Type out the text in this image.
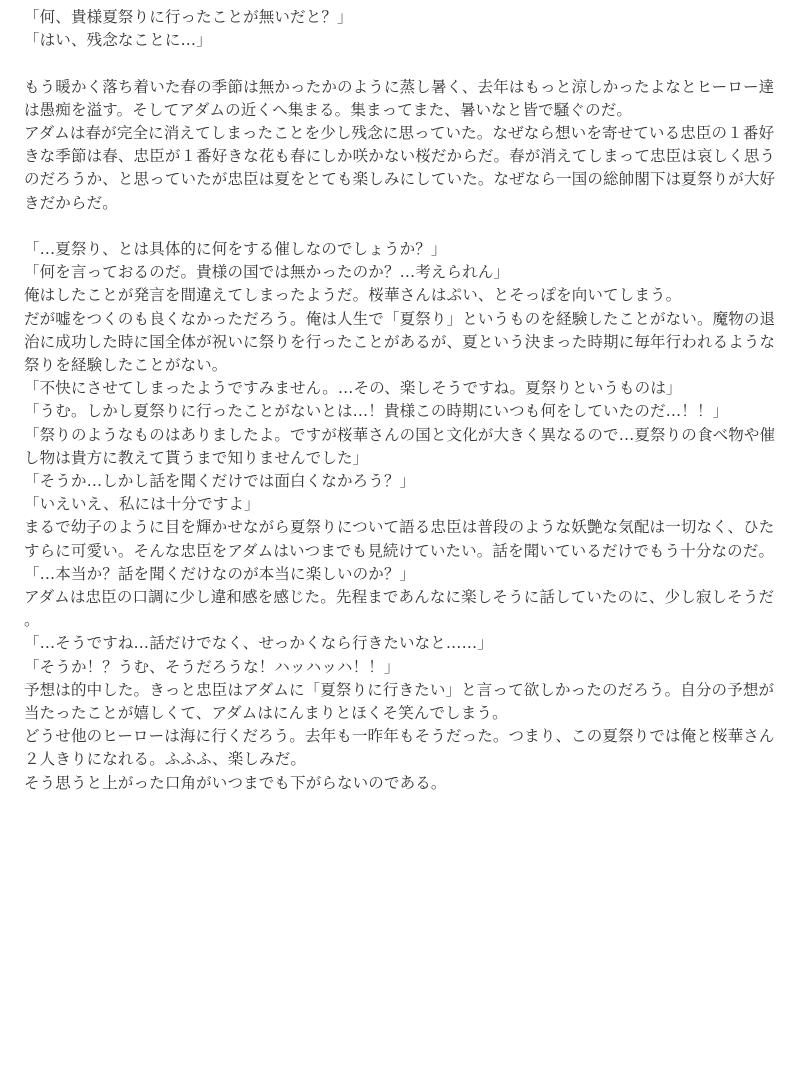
「何、貴様夏祭りに行ったことが無いだと？」

「はい、残念なことに…」

もう暖かく落ち着いた春の季節は無かったかのように蒸し暑く、去年はもっと涼しかったよなとヒーロー達は愚痴を溢す。そしてアダムの近くへ集まる。集まってまた、暑いなと皆で騒ぐのだ。

アダムは春が完全に消えてしまったことを少し残念に思っていた。なぜなら想いを寄せている忠臣の１番好きな季節は春、忠臣が１番好きな花も春にしか咲かない桜だからだ。春が消えてしまって忠臣は哀しく思うのだろうか、と思っていたが忠臣は夏をとても楽しみにしていた。なぜなら一国の総帥閣下は夏祭りが大好きだからだ。

「…夏祭り、とは具体的に何をする催しなのでしょうか？」

「何を言っておるのだ。貴様の国では無かったのか？…考えられん」

俺はしたことが発言を間違えてしまったようだ。桜華さんはぷい、とそっぽを向いてしまう。

だが嘘をつくのも良くなかっただろう。俺は人生で「夏祭り」というものを経験したことがない。魔物の退治に成功した時に国全体が祝いに祭りを行ったことがあるが、夏という決まった時期に毎年行われるような祭りを経験したことがない。

「不快にさせてしまったようですみません。…その、楽しそうですね。夏祭りというものは」

「うむ。しかし夏祭りに行ったことがないとは…！貴様この時期にいつも何をしていたのだ…！！」

「祭りのようなものはありましたよ。ですが桜華さんの国と文化が大きく異なるので…夏祭りの食べ物や催し物は貴方に教えて貰うまで知りませんでした」

「そうか…しかし話を聞くだけでは面白くなかろう？」

「いえいえ、私には十分ですよ」

まるで幼子のように目を輝かせながら夏祭りについて語る忠臣は普段のような妖艶な気配は一切なく、ひたすらに可愛い。そんな忠臣をアダムはいつまでも見続けていたい。話を聞いているだけでもう十分なのだ。

「…本当か？話を聞くだけなのが本当に楽しいのか？」

アダムは忠臣の口調に少し違和感を感じた。先程まであんなに楽しそうに話していたのに、少し寂しそうだ。

「…そうですね…話だけでなく、せっかくなら行きたいなと……」

「そうか！？うむ、そうだろうな！ハッハッハ！！」

予想は的中した。きっと忠臣はアダムに「夏祭りに行きたい」と言って欲しかったのだろう。自分の予想が当たったことが嬉しくて、アダムはにんまりとほくそ笑んでしまう。

どうせ他のヒーローは海に行くだろう。去年も一昨年もそうだった。つまり、この夏祭りでは俺と桜華さん２人きりになれる。ふふふ、楽しみだ。

そう思うと上がった口角がいつまでも下がらないのである。
